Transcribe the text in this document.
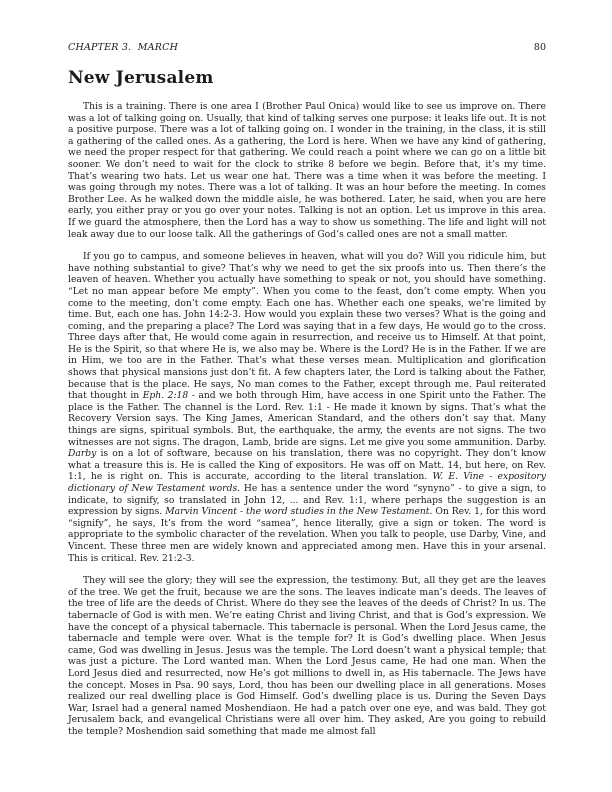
CHAPTER 3.  MARCH	80
New Jerusalem

This is a training. There is one area I (Brother Paul Onica) would like to see us improve on. There was a lot of talking going on. Usually, that kind of talking serves one purpose: it leaks life out. It is not a positive purpose. There was a lot of talking going on. I wonder in the training, in the class, it is still a gathering of the called ones. As a gathering, the Lord is here. When we have any kind of gathering, we need the proper respect for that gathering. We could reach a point where we can go on a little bit sooner. We don’t need to wait for the clock to strike 8 before we begin. Before that, it’s my time. That’s wearing two hats. Let us wear one hat. There was a time when it was before the meeting. I was going through my notes. There was a lot of talking. It was an hour before the meeting. In comes Brother Lee. As he walked down the middle aisle, he was bothered. Later, he said, when you are here early, you either pray or you go over your notes. Talking is not an option. Let us improve in this area. If we guard the atmosphere, then the Lord has a way to show us something. The life and light will not leak away due to our loose talk. All the gatherings of God’s called ones are not a small matter.

If you go to campus, and someone believes in heaven, what will you do? Will you ridicule him, but have nothing substantial to give? That’s why we need to get the six proofs into us. Then there’s the leaven of heaven. Whether you actually have something to speak or not, you should have something. “Let no man appear before Me empty”. When you come to the feast, don’t come empty. When you come to the meeting, don’t come empty. Each one has. Whether each one speaks, we’re limited by time. But, each one has. John 14:2-3. How would you explain these two verses? What is the going and coming, and the preparing a place? The Lord was saying that in a few days, He would go to the cross. Three days after that, He would come again in resurrection, and receive us to Himself. At that point, He is the Spirit, so that where He is, we also may be. Where is the Lord? He is in the Father. If we are in Him, we too are in the Father. That’s what these verses mean. Multiplication and glorification shows that physical mansions just don’t fit. A few chapters later, the Lord is talking about the Father, because that is the place. He says, No man comes to the Father, except through me. Paul reiterated that thought in Eph. 2:18 - and we both through Him, have access in one Spirit unto the Father. The place is the Father. The channel is the Lord. Rev. 1:1 - He made it known by signs. That’s what the Recovery Version says. The King James, American Standard, and the others don’t say that. Many things are signs, spiritual symbols. But, the earthquake, the army, the events are not signs. The two witnesses are not signs. The dragon, Lamb, bride are signs. Let me give you some ammunition. Darby. Darby is on a lot of software, because on his translation, there was no copyright. They don’t know what a treasure this is. He is called the King of expositors. He was off on Matt. 14, but here, on Rev. 1:1, he is right on. This is accurate, according to the literal translation. W. E. Vine - expository dictionary of New Testament words. He has a sentence under the word “synyno” - to give a sign, to indicate, to signify, so translated in John 12, ... and Rev. 1:1, where perhaps the suggestion is an expression by signs. Marvin Vincent - the word studies in the New Testament. On Rev. 1, for this word “signify”, he says, It’s from the word “samea”, hence literally, give a sign or token. The word is appropriate to the symbolic character of the revelation. When you talk to people, use Darby, Vine, and Vincent. These three men are widely known and appreciated among men. Have this in your arsenal. This is critical. Rev. 21:2-3.

They will see the glory; they will see the expression, the testimony. But, all they get are the leaves of the tree. We get the fruit, because we are the sons. The leaves indicate man’s deeds. The leaves of the tree of life are the deeds of Christ. Where do they see the leaves of the deeds of Christ? In us. The tabernacle of God is with men. We’re eating Christ and living Christ, and that is God’s expression. We have the concept of a physical tabernacle. This tabernacle is personal. When the Lord Jesus came, the tabernacle and temple were over. What is the temple for? It is God’s dwelling place. When Jesus came, God was dwelling in Jesus. Jesus was the temple. The Lord doesn’t want a physical temple; that was just a picture. The Lord wanted man. When the Lord Jesus came, He had one man. When the Lord Jesus died and resurrected, now He’s got millions to dwell in, as His tabernacle. The Jews have the concept. Moses in Psa. 90 says, Lord, thou has been our dwelling place in all generations. Moses realized our real dwelling place is God Himself. God’s dwelling place is us. During the Seven Days War, Israel had a general named Moshendiaon. He had a patch over one eye, and was bald. They got Jerusalem back, and evangelical Christians were all over him. They asked, Are you going to rebuild the temple? Moshendion said something that made me almost fall
